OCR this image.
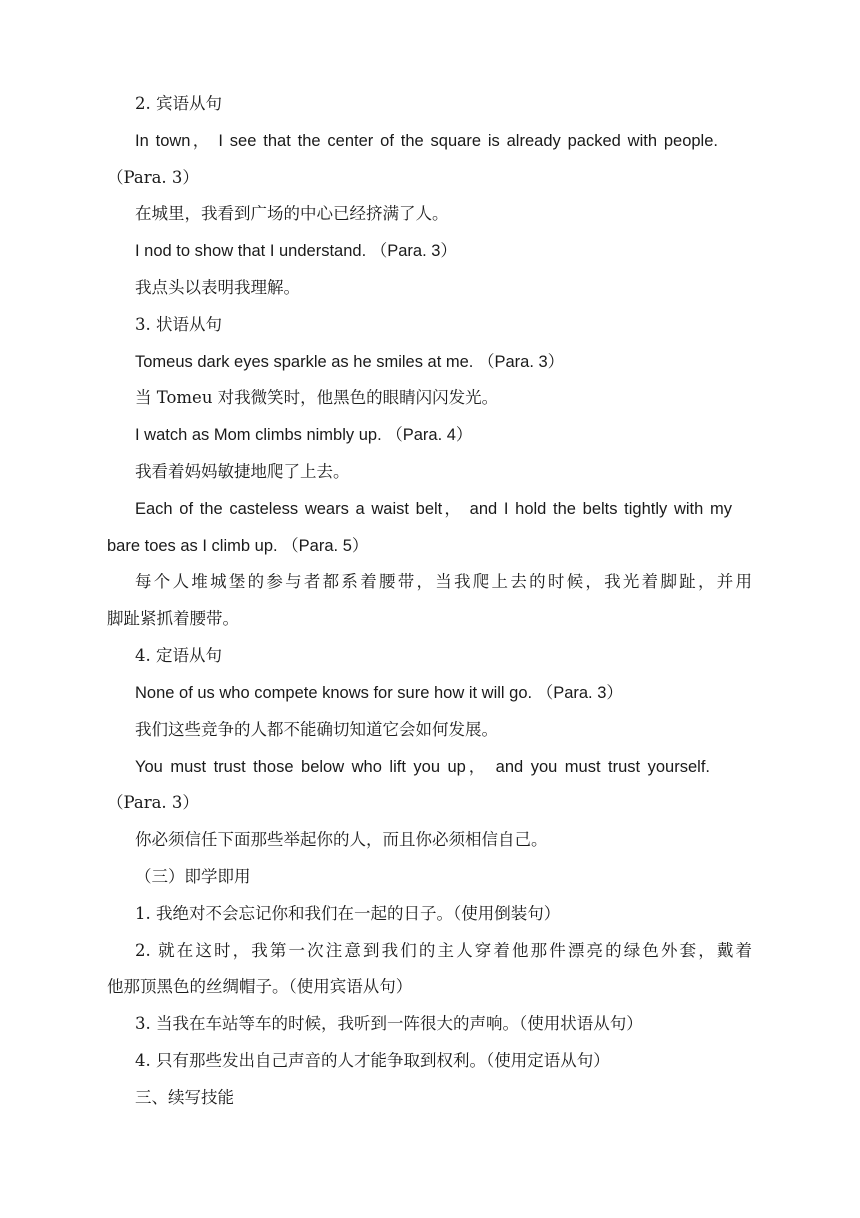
2. 宾语从句
In town， I see that the center of the square is already packed with people.
（Para. 3）
在城里，我看到广场的中心已经挤满了人。
I nod to show that I understand. （Para. 3）
我点头以表明我理解。
3. 状语从句
Tomeus dark eyes sparkle as he smiles at me. （Para. 3）
当 Tomeu 对我微笑时，他黑色的眼睛闪闪发光。
I watch as Mom climbs nimbly up. （Para. 4）
我看着妈妈敏捷地爬了上去。
Each of the casteless wears a waist belt， and I hold the belts tightly with my
bare toes as I climb up. （Para. 5）
每个人堆城堡的参与者都系着腰带，当我爬上去的时候，我光着脚趾，并用
脚趾紧抓着腰带。
4. 定语从句
None of us who compete knows for sure how it will go. （Para. 3）
我们这些竞争的人都不能确切知道它会如何发展。
You must trust those below who lift you up， and you must trust yourself.
（Para. 3）
你必须信任下面那些举起你的人，而且你必须相信自己。
（三）即学即用
1. 我绝对不会忘记你和我们在一起的日子。（使用倒装句）
2. 就在这时，我第一次注意到我们的主人穿着他那件漂亮的绿色外套，戴着
他那顶黑色的丝绸帽子。（使用宾语从句）
3. 当我在车站等车的时候，我听到一阵很大的声响。（使用状语从句）
4. 只有那些发出自己声音的人才能争取到权利。（使用定语从句）
三、续写技能
